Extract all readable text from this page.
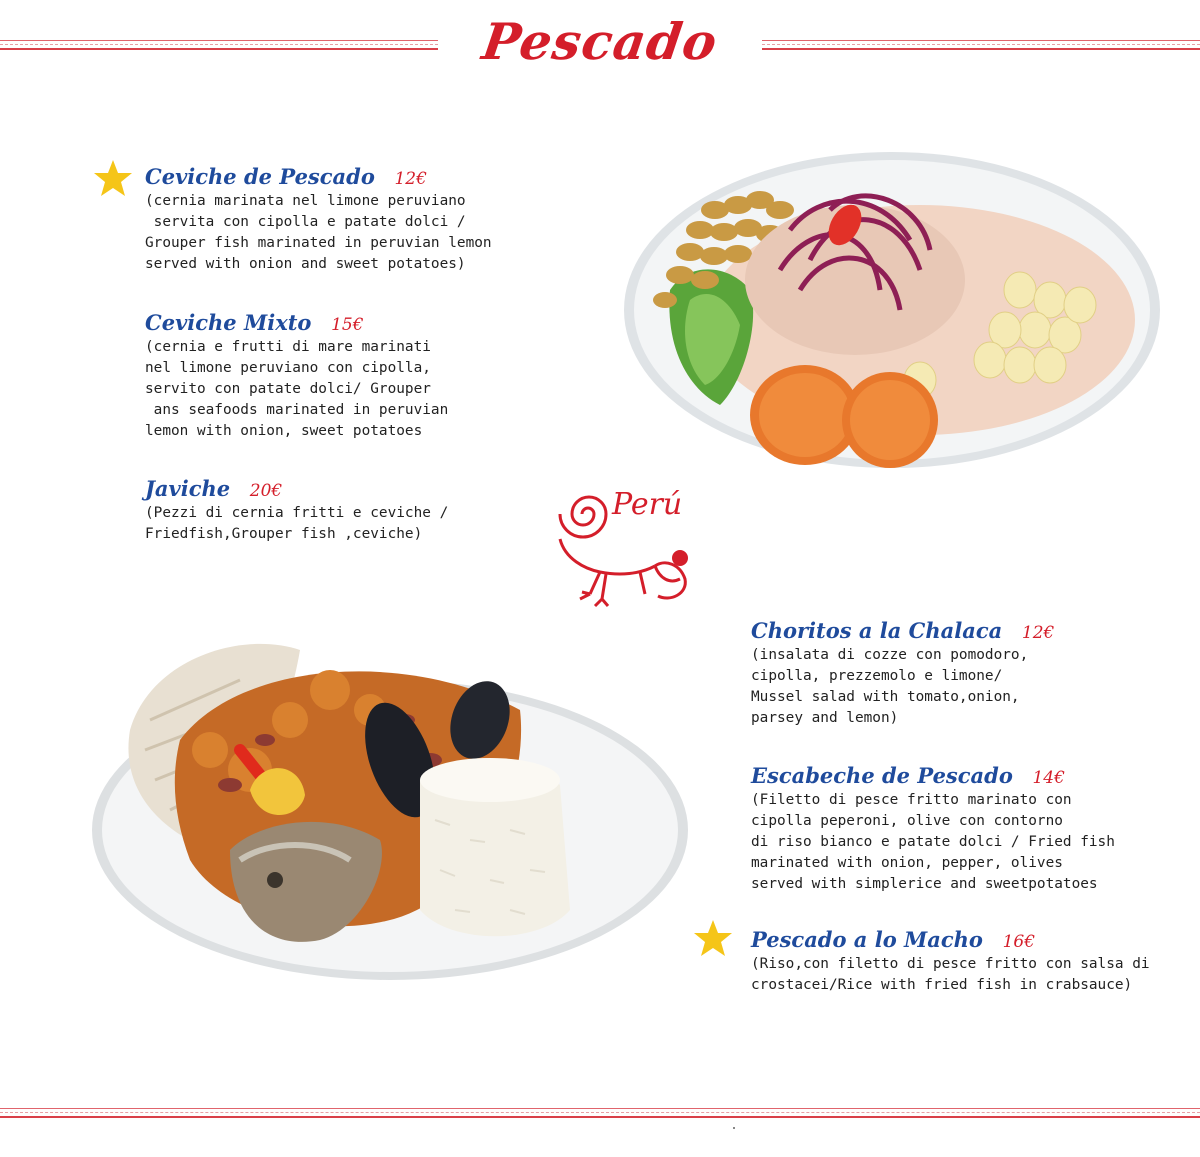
Pescado
Ceviche de Pescado 12€
(cernia marinata nel limone peruviano
servita con cipolla e patate dolci /
Grouper fish marinated in peruvian lemon
served with onion and sweet potatoes)
Ceviche Mixto 15€
(cernia e frutti di mare marinati
nel limone peruviano con cipolla,
servito con patate dolci/ Grouper
ans seafoods marinated in peruvian
lemon with onion, sweet potatoes
Javiche 20€
(Pezzi di cernia fritti e ceviche /
Friedfish,Grouper fish ,ceviche)
Choritos a la Chalaca 12€
(insalata di cozze con pomodoro,
cipolla, prezzemolo e limone/
Mussel salad with tomato,onion,
parsey and lemon)
Escabeche de Pescado 14€
(Filetto di pesce fritto marinato con
cipolla peperoni, olive con contorno
di riso bianco e patate dolci / Fried fish
marinated with onion, pepper, olives
served with simplerice and sweetpotatoes
Pescado a lo Macho 16€
(Riso,con filetto di pesce fritto con salsa di
crostacei/Rice with fried fish in crabsauce)
Perú
